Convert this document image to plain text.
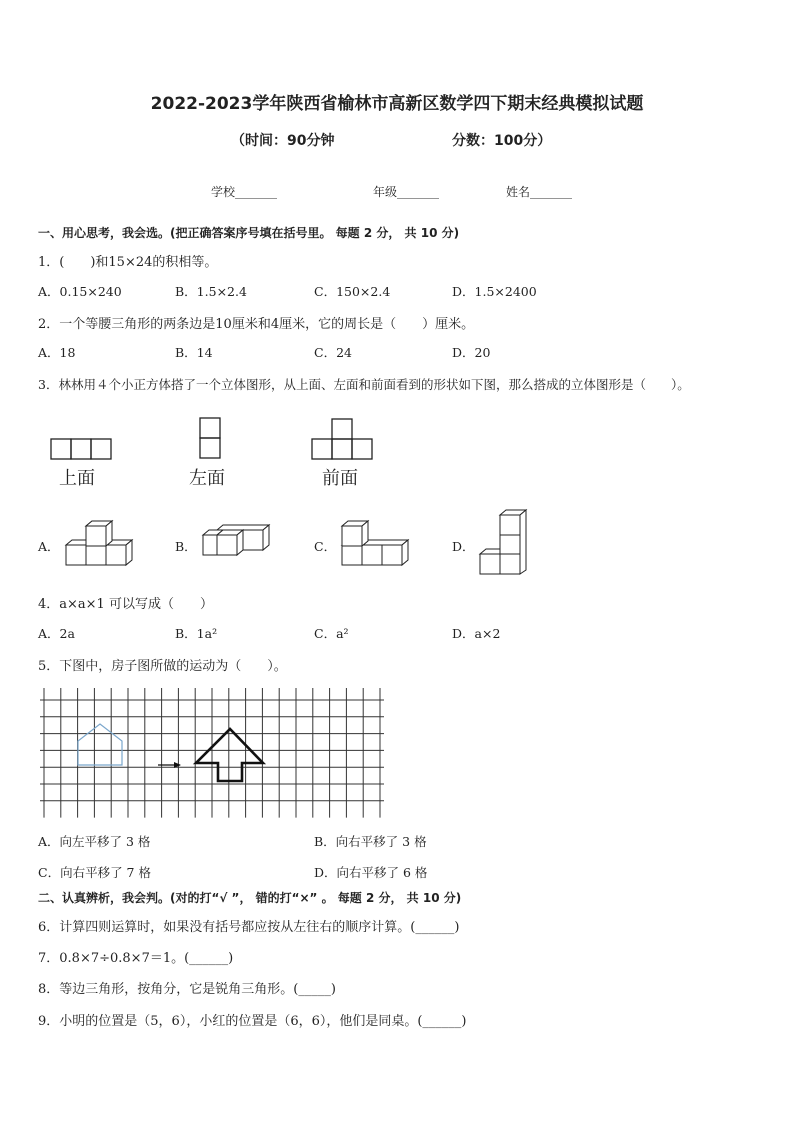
2022-2023学年陕西省榆林市高新区数学四下期末经典模拟试题
（时间：90分钟	分数：100分）
学校_______	年级_______	姓名_______
一、用心思考，我会选。(把正确答案序号填在括号里。 每题 2 分， 共 10 分)
1．(　　)和15×24的积相等。
A．0.15×240	B．1.5×2.4	C．150×2.4	D．1.5×2400
2．一个等腰三角形的两条边是10厘米和4厘米，它的周长是（　　）厘米。
A．18	B．14	C．24	D．20
3．林林用４个小正方体搭了一个立体图形，从上面、左面和前面看到的形状如下图，那么搭成的立体图形是（　　）。
上面	左面	前面
A．	B．	C．	D．
4．a×a×1 可以写成（　　）
A．2a	B．1a²	C．a²	D．a×2
5．下图中，房子图所做的运动为（　　）。
A．向左平移了 3 格	B．向右平移了 3 格
C．向右平移了 7 格	D．向右平移了 6 格
二、认真辨析，我会判。(对的打“√ ”， 错的打“×” 。 每题 2 分， 共 10 分)
6．计算四则运算时，如果没有括号都应按从左往右的顺序计算。(______)
7．0.8×7÷0.8×7＝1。(______)
8．等边三角形，按角分，它是锐角三角形。(_____)
9．小明的位置是（5，6），小红的位置是（6，6），他们是同桌。(______)
